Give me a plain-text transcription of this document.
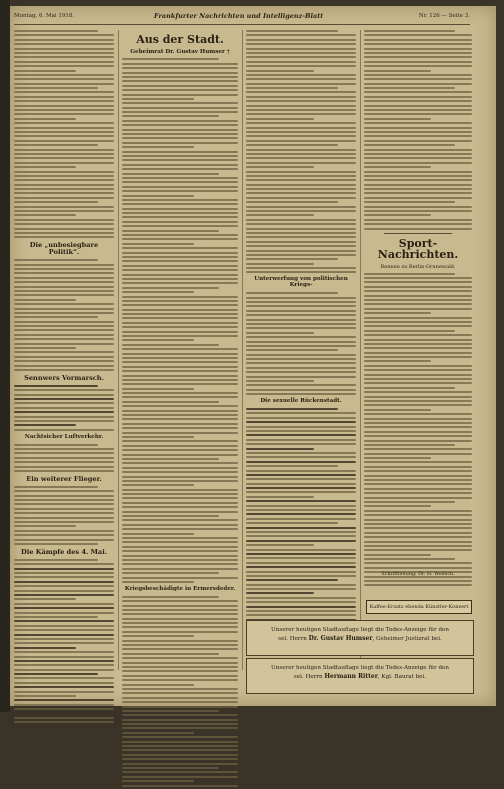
Montag, 6. Mai 1918.	Frankfurter Nachrichten und Intelligenz-Blatt	Nr. 126 — Seite 3.
Die „unbesiegbare Politik“.
Sennwers Vormarsch.
Nachtsicher Luftverkehr.
Ein weiterer Flieger.
Die Kämpfe des 4. Mai.
Aus der Stadt.
Geheimrat Dr. Gustav Humser †
Kriegsbeschädigte in Ermersdeder.
Unterwerfung von politischen Kriegs-
Die sexuelle Rückenstadt.
Sport-Nachrichten.
Rennen zu Berlin-Grunewald.
Schriftleitung: Dr. H. Wolfsch.
Kaffee-Ersatz ebenda Künstler-Konzert
Unserer heutigen Stadtauflage liegt die Todes-Anzeige für den
sel. Herrn Dr. Gustav Humser, Geheimer Justizrat bei.
Unserer heutigen Stadtauflage liegt die Todes-Anzeige für den
sel. Herrn Hermann Ritter, Kgl. Baurat bei.
